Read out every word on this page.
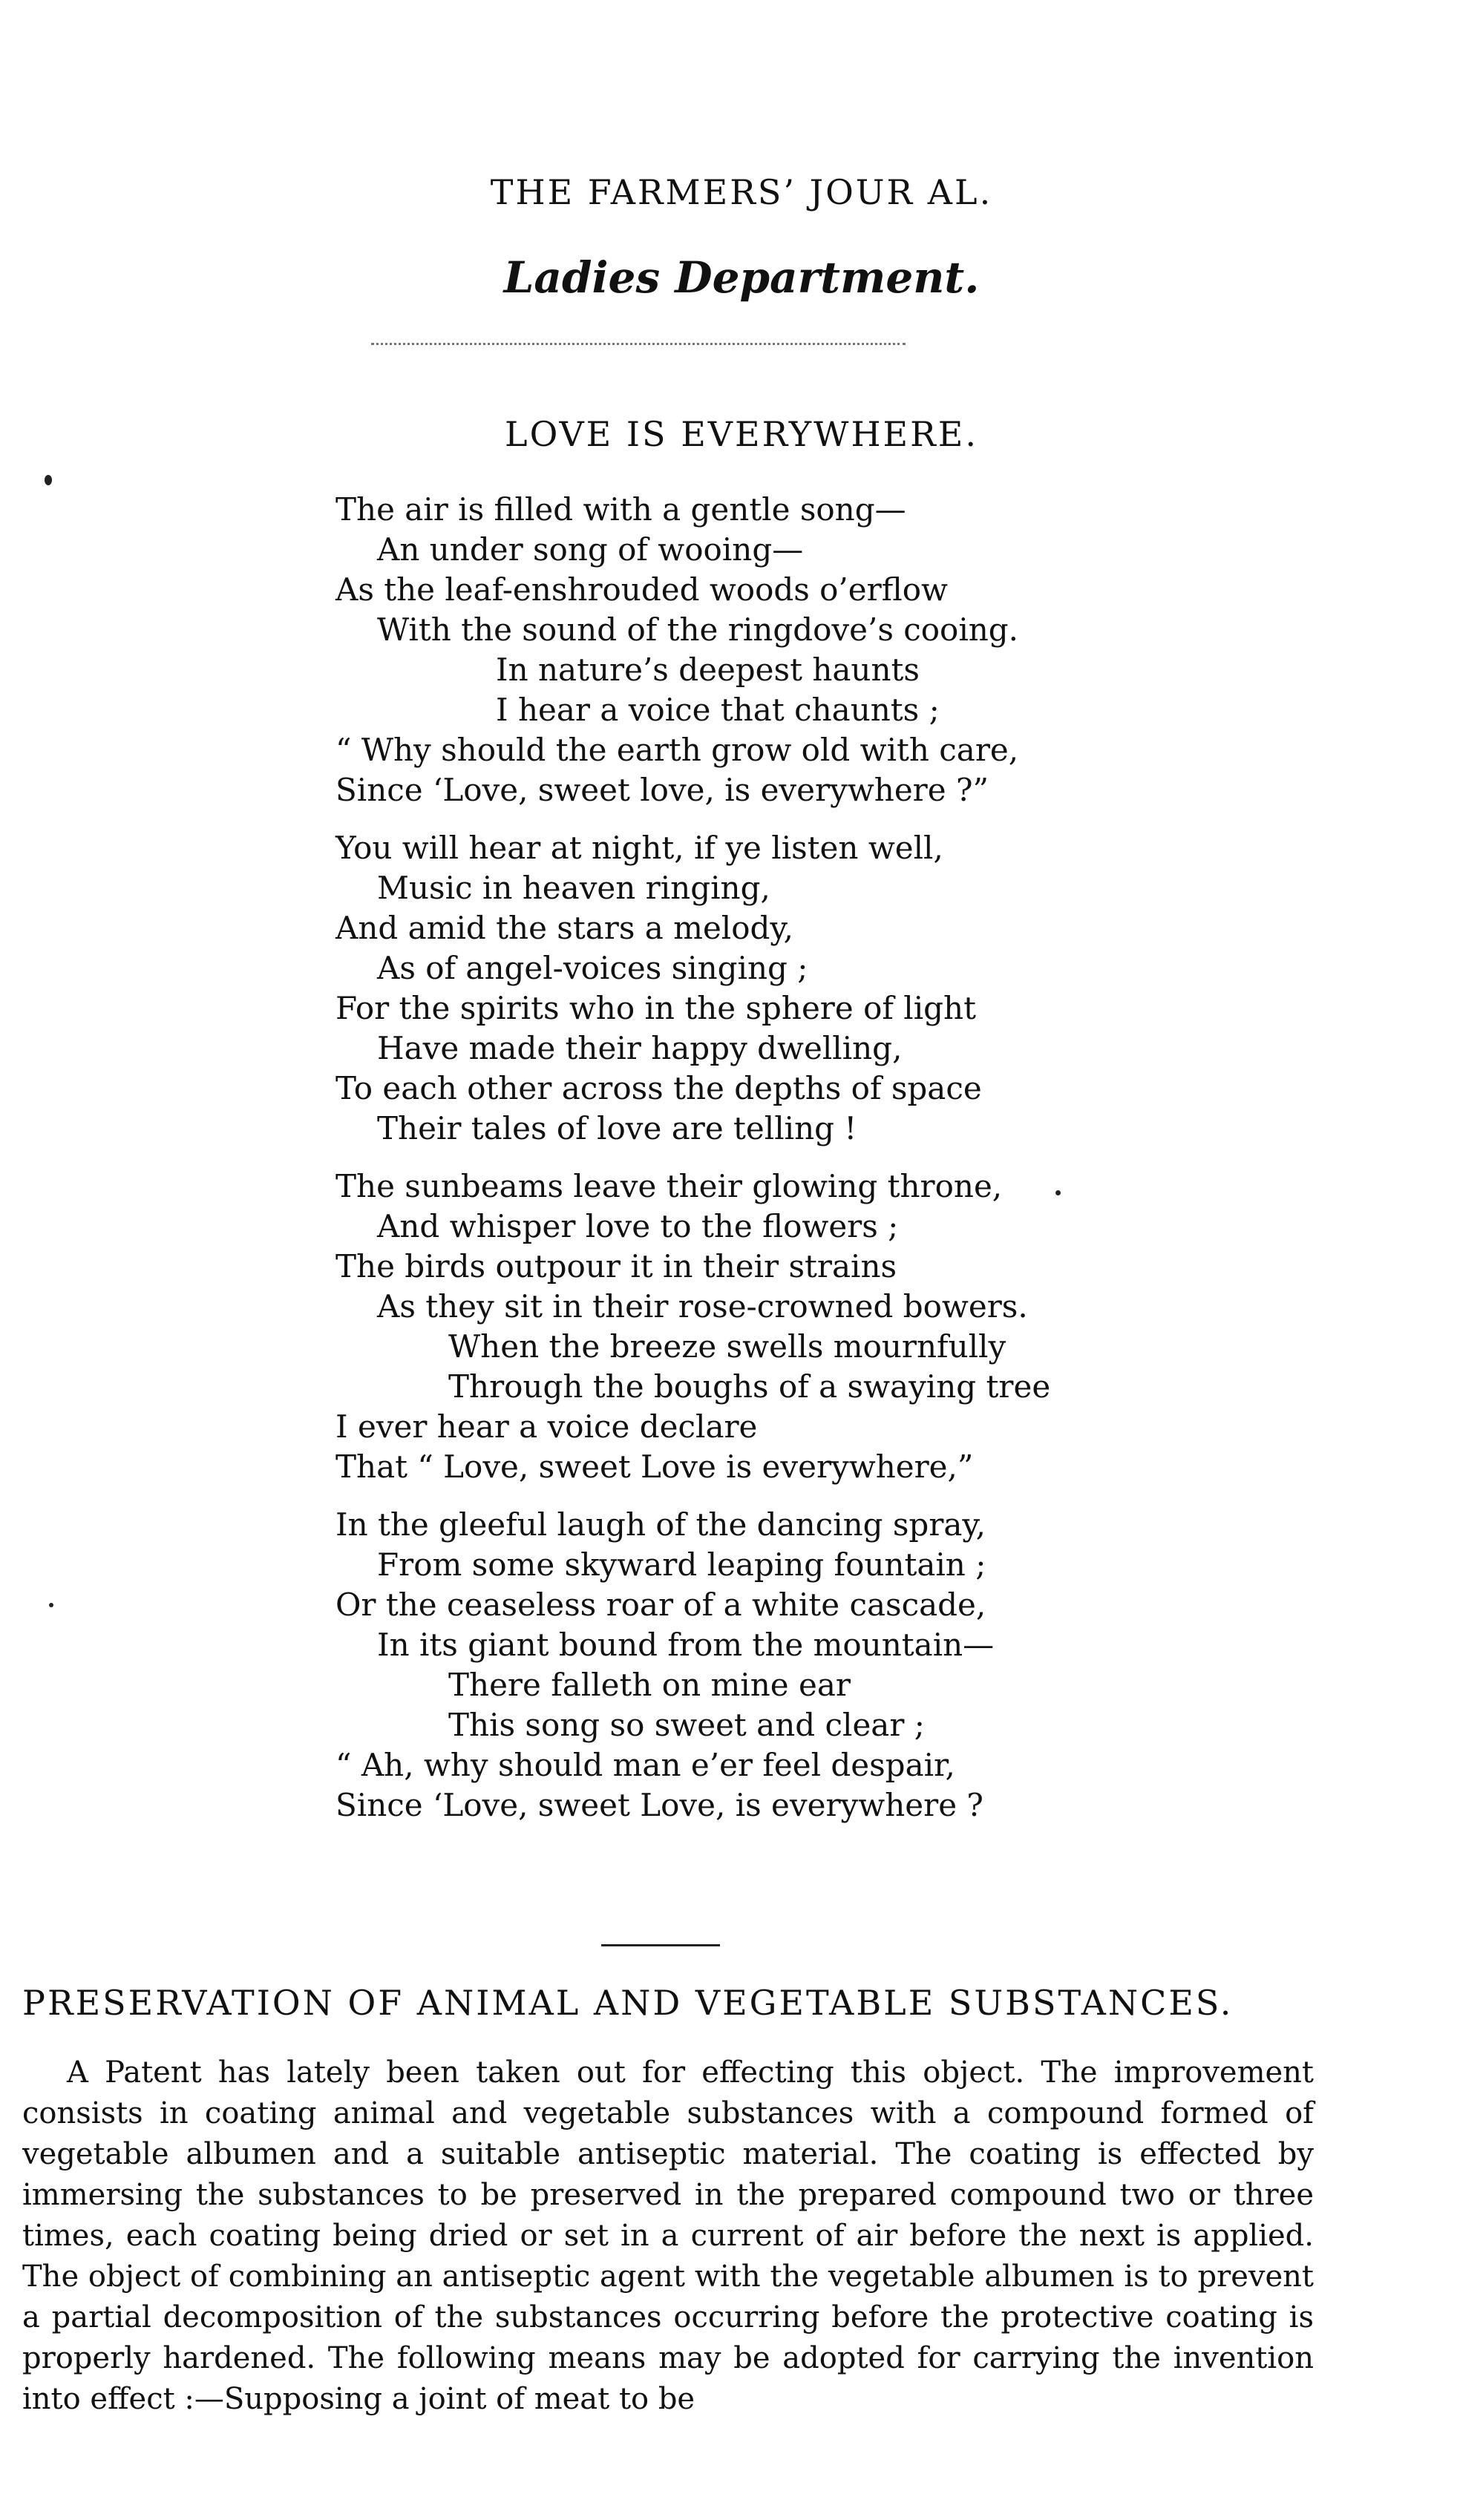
THE FARMERS’ JOUR AL.
Ladies Department.
LOVE IS EVERYWHERE.
The air is filled with a gentle song—
An under song of wooing—
As the leaf-enshrouded woods o’erflow
With the sound of the ringdove’s cooing.
In nature’s deepest haunts
I hear a voice that chaunts ;
“ Why should the earth grow old with care,
Since ‘Love, sweet love, is everywhere ?”
You will hear at night, if ye listen well,
Music in heaven ringing,
And amid the stars a melody,
As of angel-voices singing ;
For the spirits who in the sphere of light
Have made their happy dwelling,
To each other across the depths of space
Their tales of love are telling !
The sunbeams leave their glowing throne,
And whisper love to the flowers ;
The birds outpour it in their strains
As they sit in their rose-crowned bowers.
When the breeze swells mournfully
Through the boughs of a swaying tree
I ever hear a voice declare
That “ Love, sweet Love is everywhere,”
In the gleeful laugh of the dancing spray,
From some skyward leaping fountain ;
Or the ceaseless roar of a white cascade,
In its giant bound from the mountain—
There falleth on mine ear
This song so sweet and clear ;
“ Ah, why should man e’er feel despair,
Since ‘Love, sweet Love, is everywhere ?
PRESERVATION OF ANIMAL AND VEGETABLE SUBSTANCES.

A Patent has lately been taken out for effecting this object. The improvement consists in coating animal and vegetable substances with a compound formed of vegetable albumen and a suitable antiseptic material. The coating is effected by immersing the substances to be preserved in the prepared compound two or three times, each coating being dried or set in a current of air before the next is applied. The object of combining an antiseptic agent with the vegetable albumen is to prevent a partial decomposition of the substances occurring before the protective coating is properly hardened. The following means may be adopted for carrying the invention into effect :—Supposing a joint of meat to be
